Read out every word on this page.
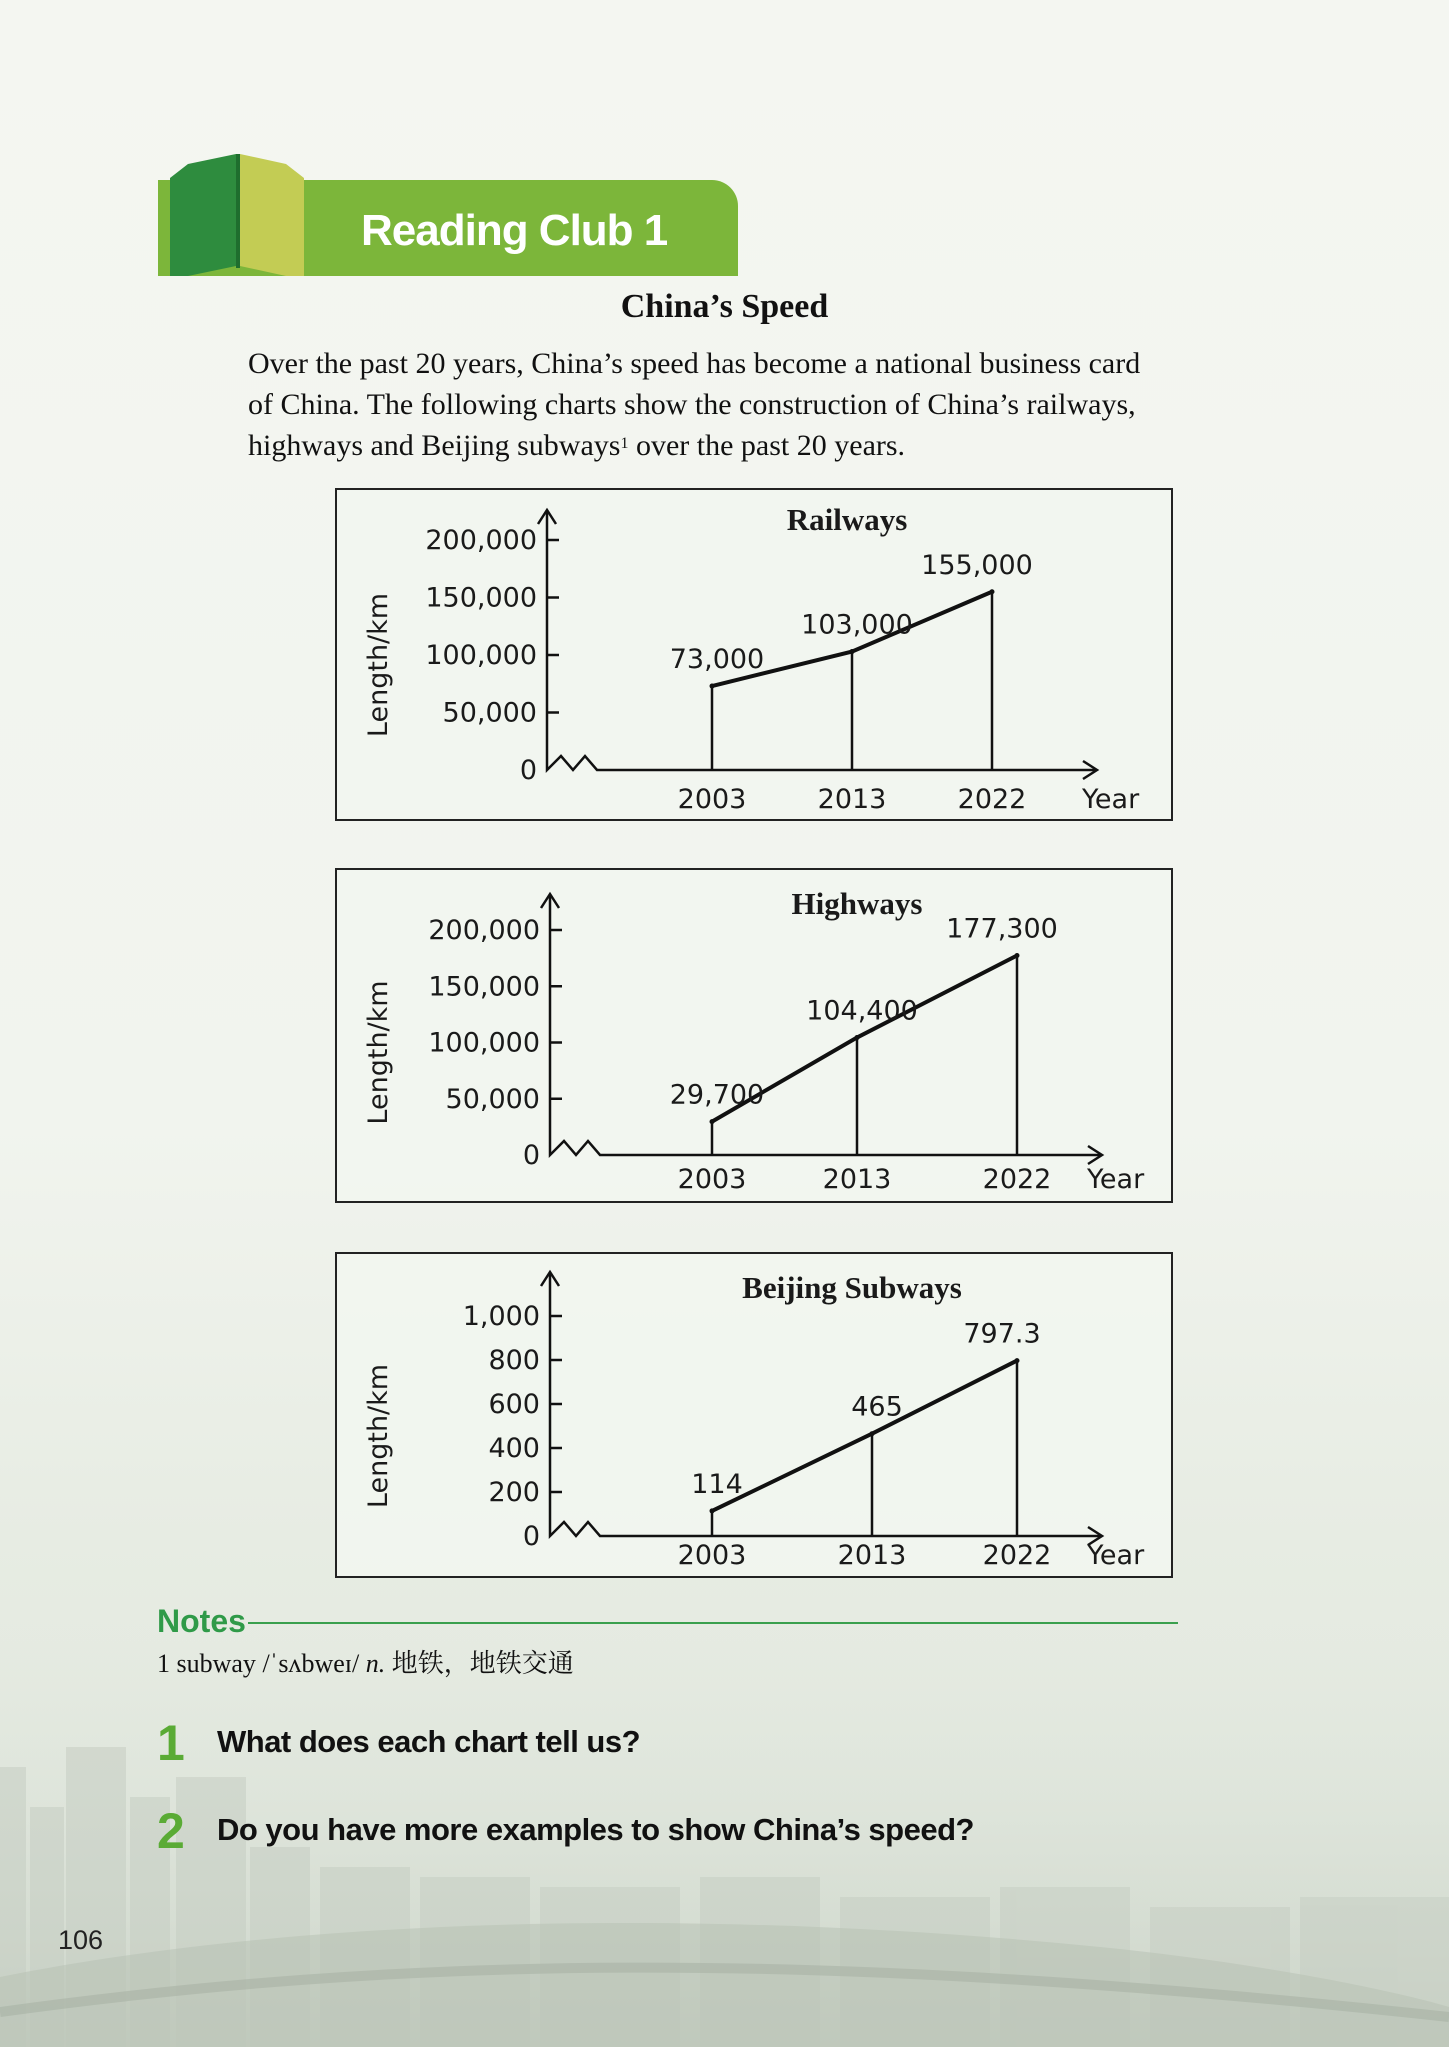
Reading Club 1
China’s Speed

Over the past 20 years, China’s speed has become a national business card

of China. The following charts show the construction of China’s railways,

highways and Beijing subways$^1$ over the past 20 years.

Railways
Year
200,000
150,000
100,000
50,000
0
Length/km	73,000
2003
103,000
2013
155,000
2022
Highways
Year
200,000
150,000
100,000
50,000
0
Length/km	29,700
2003
104,400
2013
177,300
2022
Beijing Subways
Year
1,000
800
600
400
200
0
Length/km	114
2003
465
2013
797.3
2022
Notes
1 subway /ˈsʌbweɪ/ n. 地铁，地铁交通
1 What does each chart tell us?
2 Do you have more examples to show China’s speed?
106
